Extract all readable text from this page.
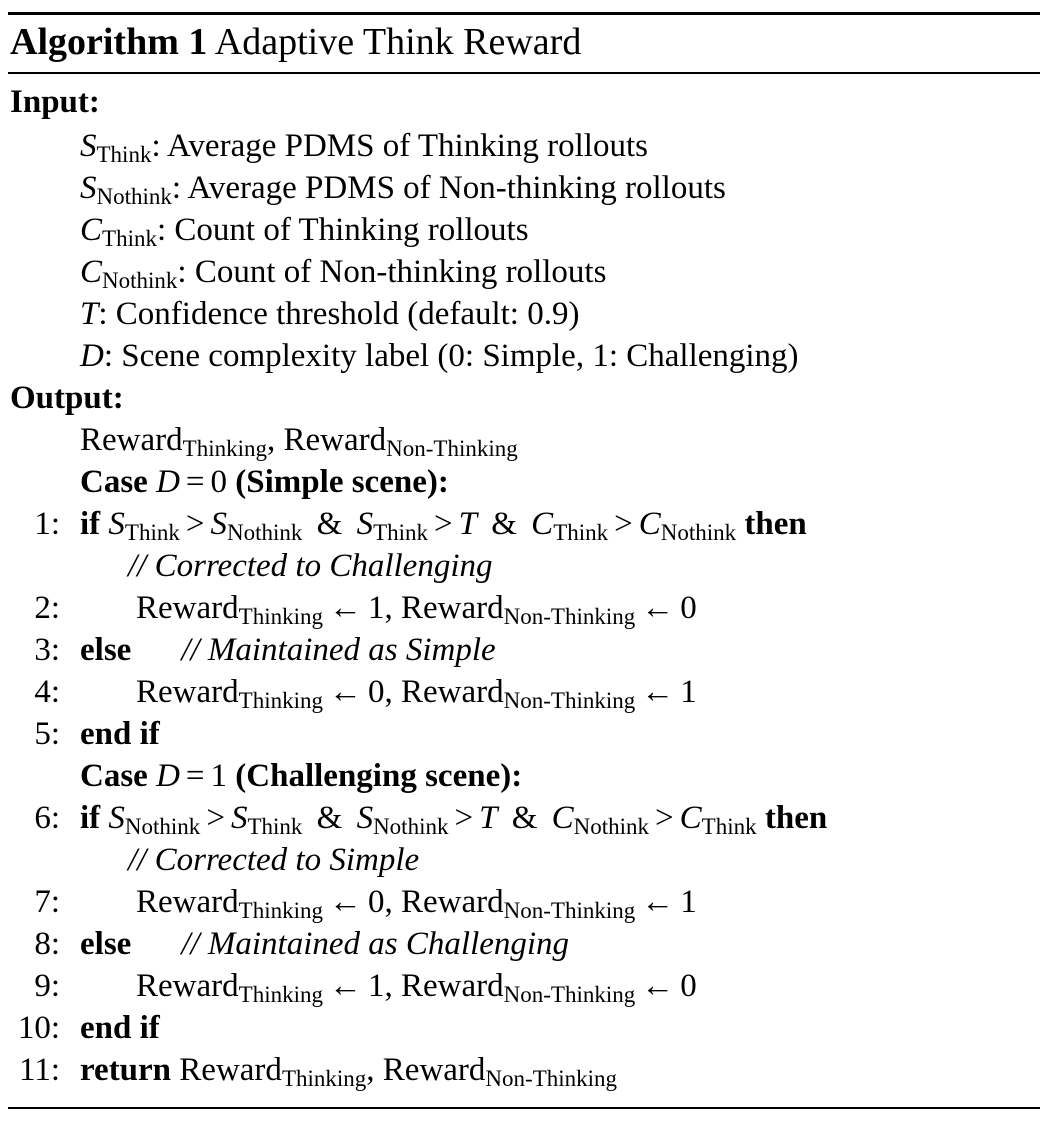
Algorithm 1 Adaptive Think Reward
Input:
$S_{Think}$: Average PDMS of Thinking rollouts
$S_{Nothink}$: Average PDMS of Non-thinking rollouts
$C_{Think}$: Count of Thinking rollouts
$C_{Nothink}$: Count of Non-thinking rollouts
T: Confidence threshold (default: 0.9)
D: Scene complexity label (0: Simple, 1: Challenging)
Output:
Reward$_{Thinking}$, Reward$_{Non-Thinking}$
Case D = 0 (Simple scene):
1: if $S_{Think} > S_{Nothink}$ & $S_{Think} > T$ & $C_{Think} > C_{Nothink}$ then
// Corrected to Challenging
2: Reward$_{Thinking}$ ← 1, Reward$_{Non-Thinking}$ ← 0
3: else // Maintained as Simple
4: Reward$_{Thinking}$ ← 0, Reward$_{Non-Thinking}$ ← 1
5: end if
Case D = 1 (Challenging scene):
6: if $S_{Nothink} > S_{Think}$ & $S_{Nothink} > T$ & $C_{Nothink} > C_{Think}$ then
// Corrected to Simple
7: Reward$_{Thinking}$ ← 0, Reward$_{Non-Thinking}$ ← 1
8: else // Maintained as Challenging
9: Reward$_{Thinking}$ ← 1, Reward$_{Non-Thinking}$ ← 0
10: end if
11: return Reward$_{Thinking}$, Reward$_{Non-Thinking}$
